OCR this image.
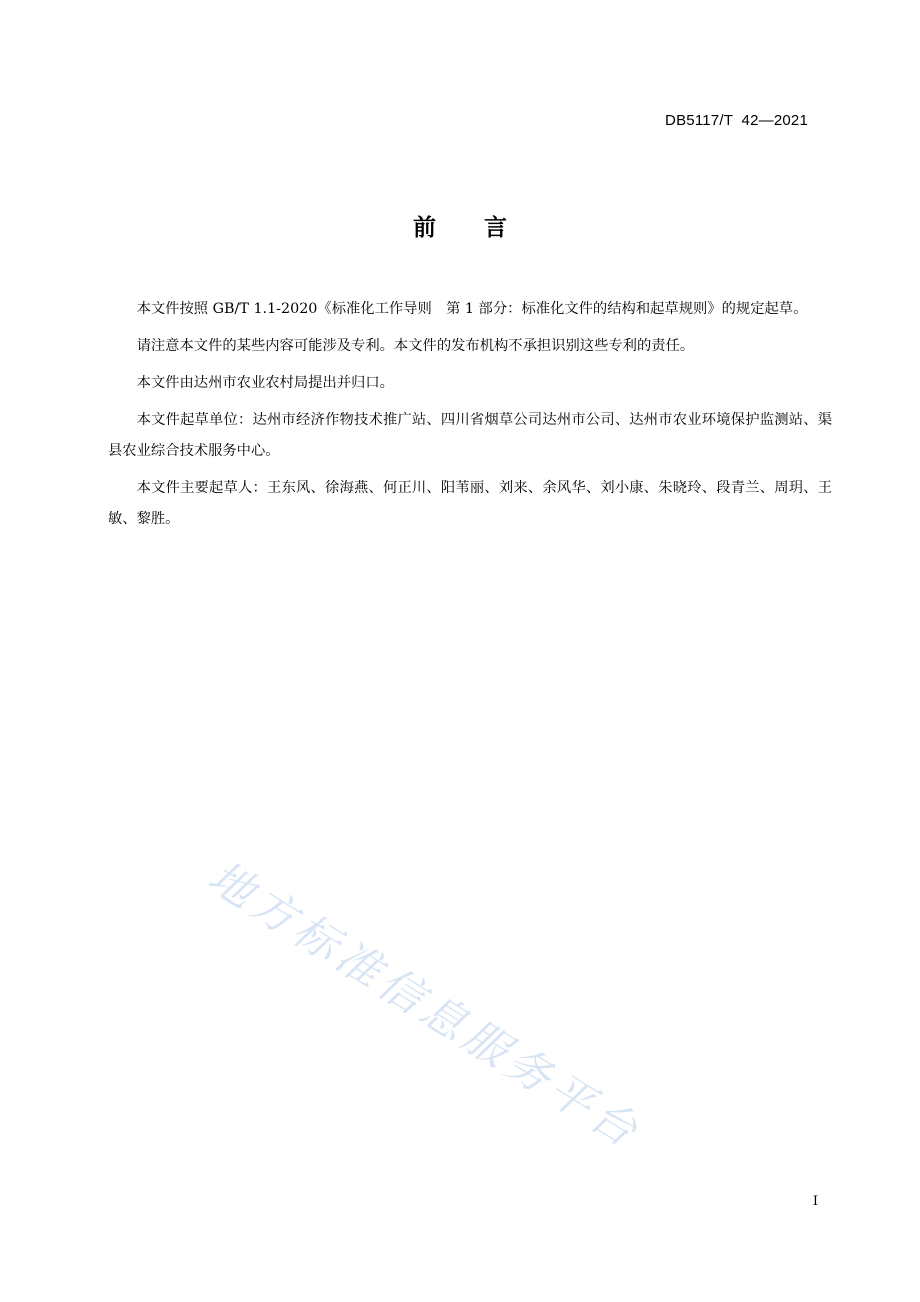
DB5117/T  42—2021
前言

本文件按照 GB/T 1.1-2020《标准化工作导则　第 1 部分：标准化文件的结构和起草规则》的规定起草。

请注意本文件的某些内容可能涉及专利。本文件的发布机构不承担识别这些专利的责任。

本文件由达州市农业农村局提出并归口。

本文件起草单位：达州市经济作物技术推广站、四川省烟草公司达州市公司、达州市农业环境保护监测站、渠县农业综合技术服务中心。

本文件主要起草人：王东风、徐海燕、何正川、阳苇丽、刘来、余风华、刘小康、朱晓玲、段青兰、周玥、王敏、黎胜。

地方标准信息服务平台
I
